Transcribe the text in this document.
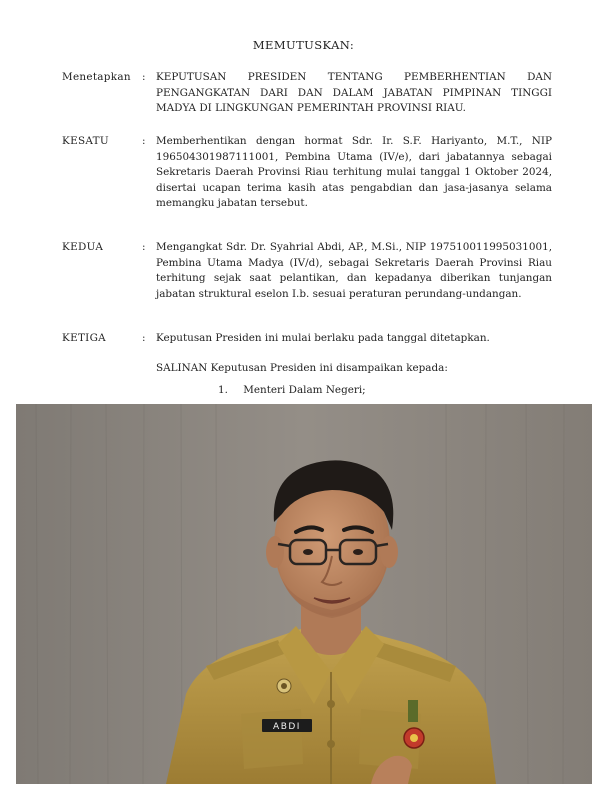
MEMUTUSKAN:
Menetapkan	: KEPUTUSAN PRESIDEN TENTANG PEMBERHENTIAN DAN PENGANGKATAN DARI DAN DALAM JABATAN PIMPINAN TINGGI MADYA DI LINGKUNGAN PEMERINTAH PROVINSI RIAU.
KESATU	: Memberhentikan dengan hormat Sdr. Ir. S.F. Hariyanto, M.T., NIP 196504301987111001, Pembina Utama (IV/e), dari jabatannya sebagai Sekretaris Daerah Provinsi Riau terhitung mulai tanggal 1 Oktober 2024, disertai ucapan terima kasih atas pengabdian dan jasa-jasanya selama memangku jabatan tersebut.
KEDUA	: Mengangkat Sdr. Dr. Syahrial Abdi, AP., M.Si., NIP 197510011995031001, Pembina Utama Madya (IV/d), sebagai Sekretaris Daerah Provinsi Riau terhitung sejak saat pelantikan, dan kepadanya diberikan tunjangan jabatan struktural eselon I.b. sesuai peraturan perundang-undangan.
KETIGA	: Keputusan Presiden ini mulai berlaku pada tanggal ditetapkan.
SALINAN Keputusan Presiden ini disampaikan kepada:
1. Menteri Dalam Negeri;
ABDI
